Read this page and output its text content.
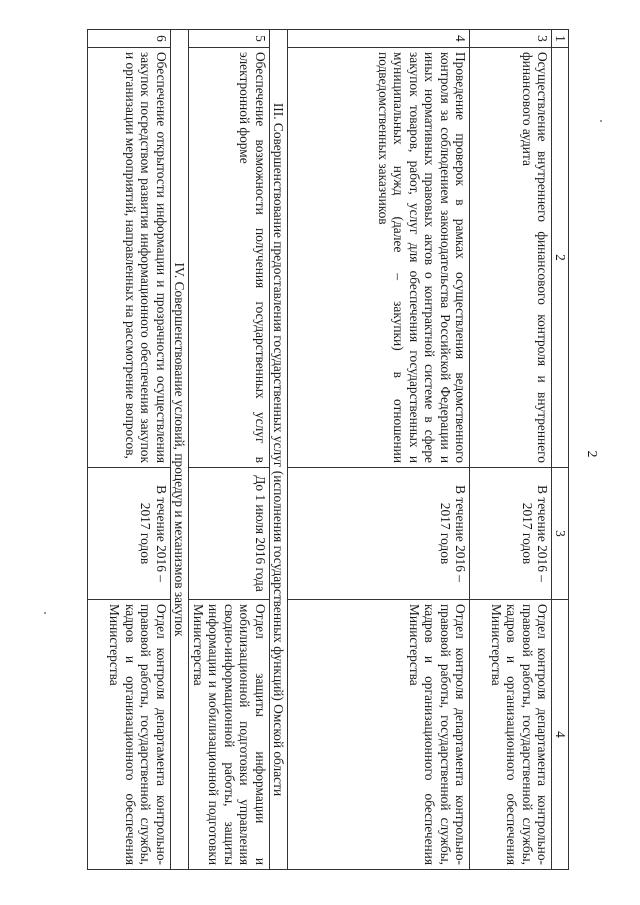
2
1	2	3	4
3	Осуществление внутреннего финансового контроля и внутреннего финансового аудита	В течение 2016 – 2017 годов	Отдел контроля департамента контрольно-правовой работы, государственной службы, кадров и организационного обеспечения Министерства
4	Проведение проверок в рамках осуществления ведомственного контроля за соблюдением законодательства Российской Федерации и иных нормативных правовых актов о контрактной системе в сфере закупок товаров, работ, услуг для обеспечения государственных и муниципальных нужд (далее – закупки) в отношении подведомственных заказчиков	В течение 2016 – 2017 годов	Отдел контроля департамента контрольно-правовой работы, государственной службы, кадров и организационного обеспечения Министерства
III. Совершенствование предоставления государственных услуг (исполнения государственных функций) Омской области			
5	Обеспечение возможности получения государственных услуг в электронной форме	До 1 июля 2016 года	Отдел защиты информации и мобилизационной подготовки управления сводно-информационной работы, защиты информации и мобилизационной подготовки Министерства
IV. Совершенствование условий, процедур и механизмов закупок			
6	Обеспечение открытости информации и прозрачности осуществления закупок посредством развития информационного обеспечения закупок и организации мероприятий, направленных на рассмотрение вопросов,	В течение 2016 – 2017 годов	Отдел контроля департамента контрольно-правовой работы, государственной службы, кадров и организационного обеспечения Министерства
